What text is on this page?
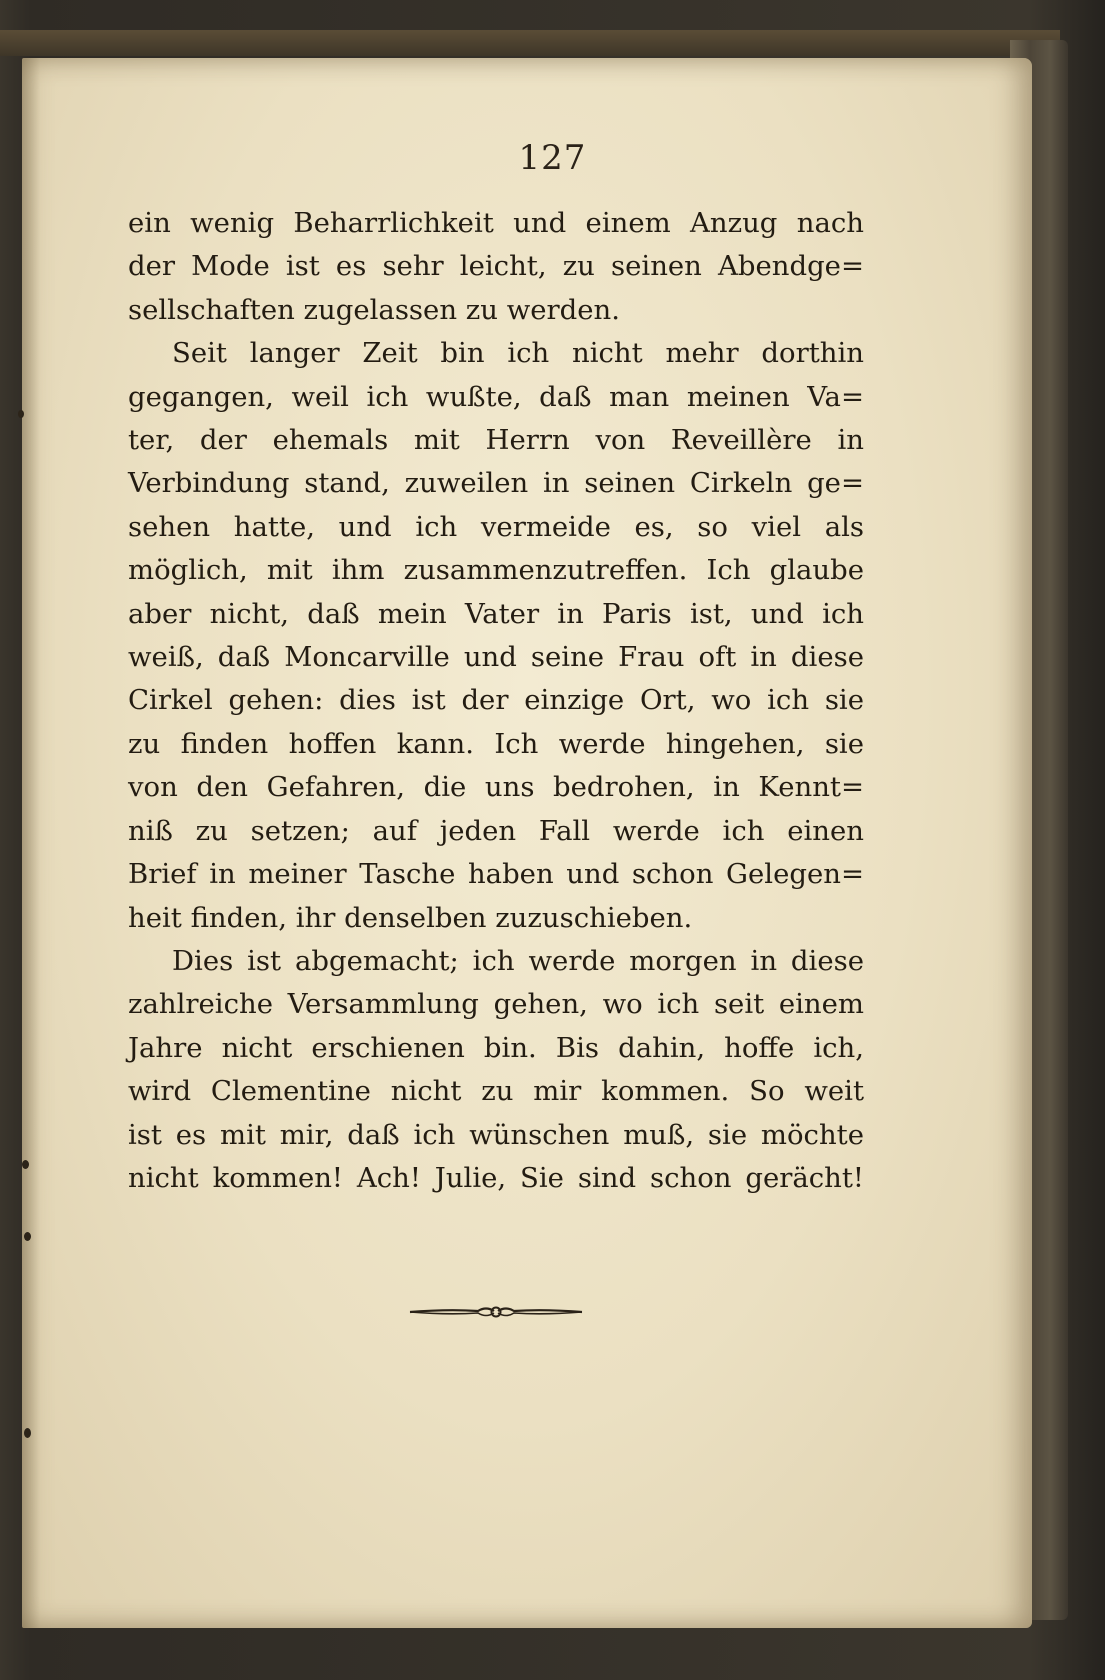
127

ein wenig Beharrlichkeit und einem Anzug nach
der Mode ist es sehr leicht, zu seinen Abendge=
sellschaften zugelassen zu werden.

Seit langer Zeit bin ich nicht mehr dorthin
gegangen, weil ich wußte, daß man meinen Va=
ter, der ehemals mit Herrn von Reveillère in
Verbindung stand, zuweilen in seinen Cirkeln ge=
sehen hatte, und ich vermeide es, so viel als
möglich, mit ihm zusammenzutreffen. Ich glaube
aber nicht, daß mein Vater in Paris ist, und ich
weiß, daß Moncarville und seine Frau oft in diese
Cirkel gehen: dies ist der einzige Ort, wo ich sie
zu finden hoffen kann. Ich werde hingehen, sie
von den Gefahren, die uns bedrohen, in Kennt=
niß zu setzen; auf jeden Fall werde ich einen
Brief in meiner Tasche haben und schon Gelegen=
heit finden, ihr denselben zuzuschieben.

Dies ist abgemacht; ich werde morgen in diese
zahlreiche Versammlung gehen, wo ich seit einem
Jahre nicht erschienen bin. Bis dahin, hoffe ich,
wird Clementine nicht zu mir kommen. So weit
ist es mit mir, daß ich wünschen muß, sie möchte
nicht kommen! Ach! Julie, Sie sind schon gerächt!
